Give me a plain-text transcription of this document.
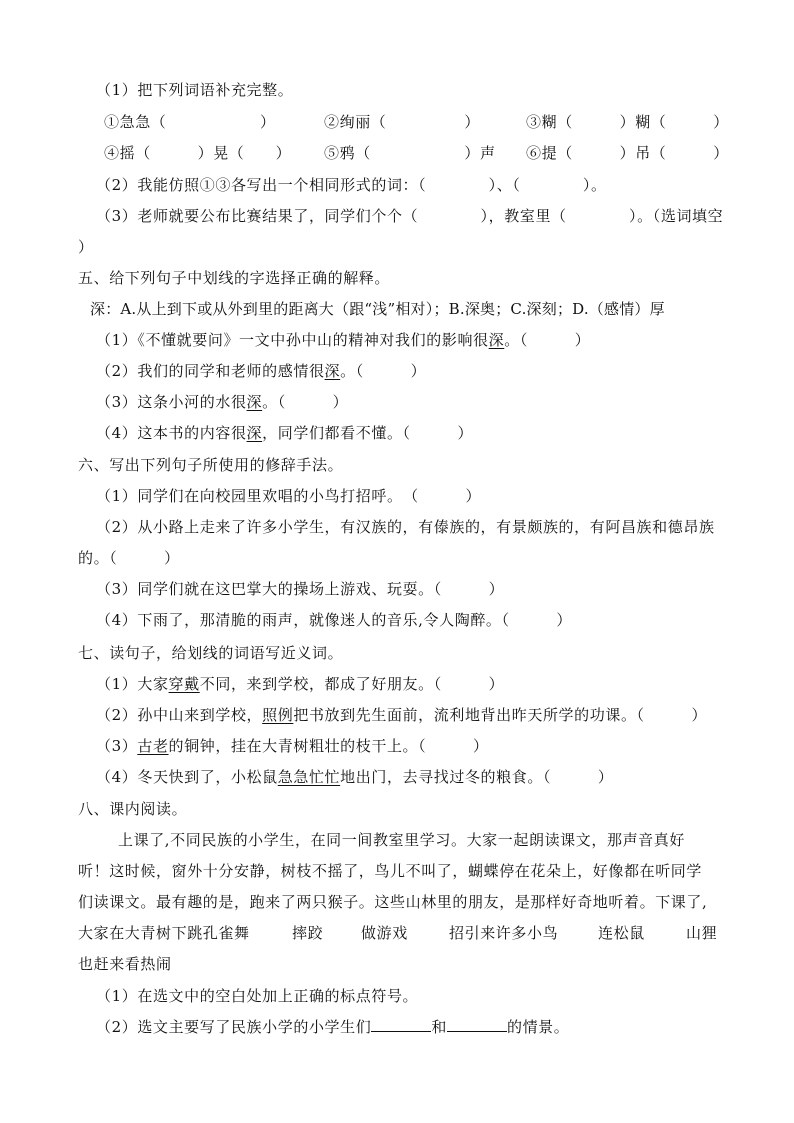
（1）把下列词语补充完整。
①急急（　　　　　　）	②绚丽（　　　　　）	③糊（　　　）糊（　　　）
④摇（　　　）晃（　　） ⑤鸦（　　　　　　）声 ⑥提（　　　）吊（　　　）
（2）我能仿照①③各写出一个相同形式的词：（　　　　）、（　　　　）。
（3）老师就要公布比赛结果了，同学们个个（　　　　），教室里（　　　　）。（选词填空
）
五、给下列句子中划线的字选择正确的解释。
深：A.从上到下或从外到里的距离大（跟“浅”相对）；B.深奥；C.深刻；D.（感情）厚
（1）《不懂就要问》一文中孙中山的精神对我们的影响很深。（　　　）
（2）我们的同学和老师的感情很深。（　　　）
（3）这条小河的水很深。（　　　）
（4）这本书的内容很深，同学们都看不懂。（　　　）
六、写出下列句子所使用的修辞手法。
（1）同学们在向校园里欢唱的小鸟打招呼。　（　　　）
（2）从小路上走来了许多小学生，有汉族的，有傣族的，有景颇族的，有阿昌族和德昂族
的。（　　　）
（3）同学们就在这巴掌大的操场上游戏、玩耍。（　　　）
（4）下雨了，那清脆的雨声，就像迷人的音乐,令人陶醉。（　　　）
七、读句子，给划线的词语写近义词。
（1）大家穿戴不同，来到学校，都成了好朋友。（　　　）
（2）孙中山来到学校，照例把书放到先生面前，流利地背出昨天所学的功课。（　　　）
（3）古老的铜钟，挂在大青树粗壮的枝干上。（　　　）
（4）冬天快到了，小松鼠急急忙忙地出门，去寻找过冬的粮食。（　　　）
八、课内阅读。
上课了,不同民族的小学生，在同一间教室里学习。大家一起朗读课文，那声音真好
听！这时候，窗外十分安静，树枝不摇了，鸟儿不叫了，蝴蝶停在花朵上，好像都在听同学
们读课文。最有趣的是，跑来了两只猴子。这些山林里的朋友，是那样好奇地听着。下课了,
大家在大青树下跳孔雀舞	摔跤	做游戏	招引来许多小鸟	连松鼠	山狸
也赶来看热闹
（1）在选文中的空白处加上正确的标点符号。
（2）选文主要写了民族小学的小学生们	和	的情景。
